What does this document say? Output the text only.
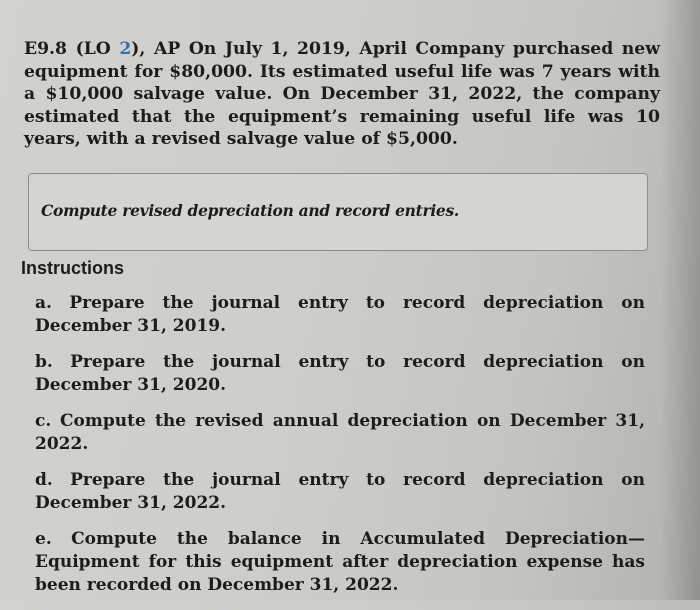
E9.8 (LO 2), AP On July 1, 2019, April Company purchased new equipment for $80,000. Its estimated useful life was 7 years with a $10,000 salvage value. On December 31, 2022, the company estimated that the equipment’s remaining useful life was 10 years, with a revised salvage value of $5,000.
Compute revised depreciation and record entries.
Instructions
a. Prepare the journal entry to record depreciation on December 31, 2019.
b. Prepare the journal entry to record depreciation on December 31, 2020.
c. Compute the revised annual depreciation on December 31, 2022.
d. Prepare the journal entry to record depreciation on December 31, 2022.
e. Compute the balance in Accumulated Depreciation—Equipment for this equipment after depreciation expense has been recorded on December 31, 2022.
